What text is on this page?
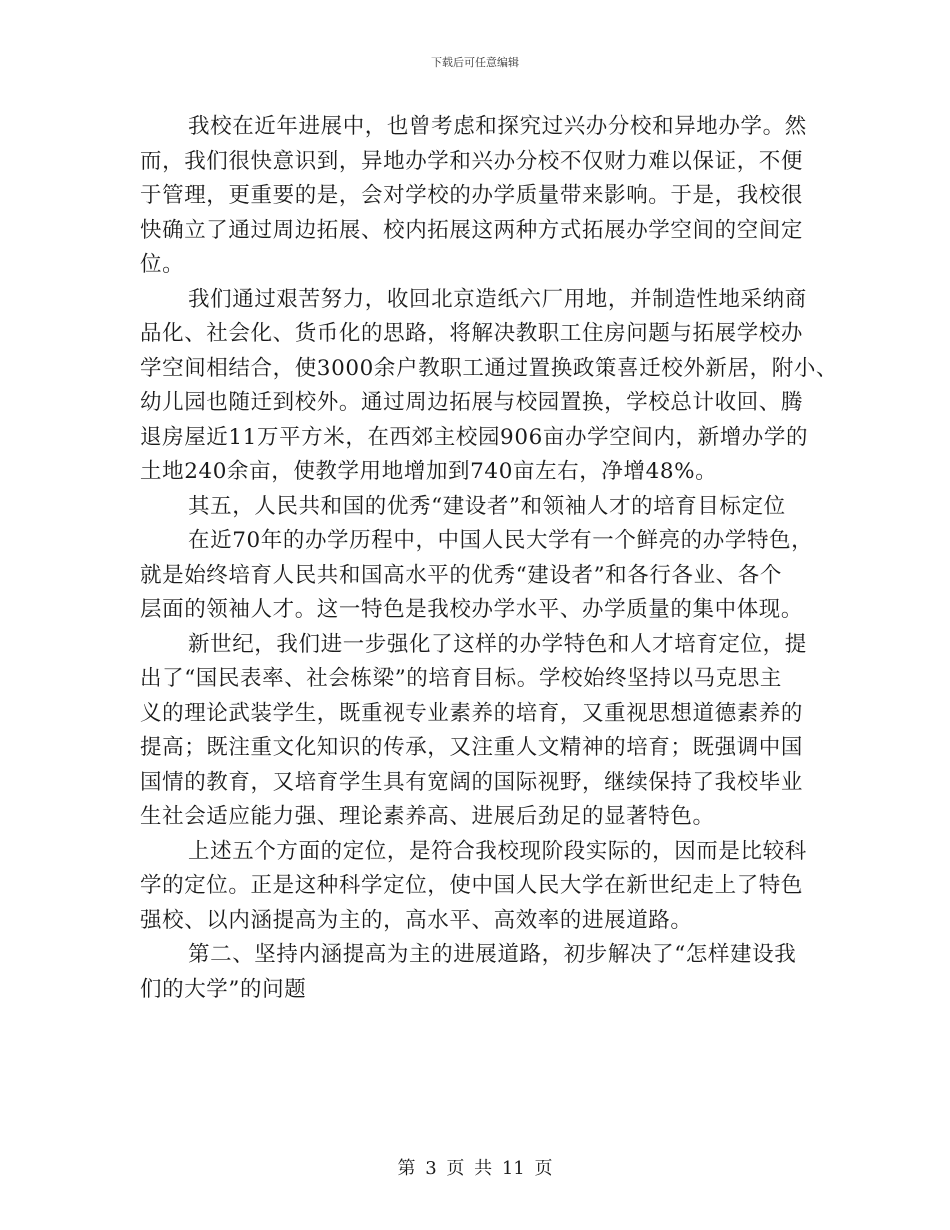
下载后可任意编辑
我校在近年进展中，也曾考虑和探究过兴办分校和异地办学。然
而，我们很快意识到，异地办学和兴办分校不仅财力难以保证，不便
于管理，更重要的是，会对学校的办学质量带来影响。于是，我校很
快确立了通过周边拓展、校内拓展这两种方式拓展办学空间的空间定
位。
我们通过艰苦努力，收回北京造纸六厂用地，并制造性地采纳商
品化、社会化、货币化的思路，将解决教职工住房问题与拓展学校办
学空间相结合，使3000余户教职工通过置换政策喜迁校外新居，附小、
幼儿园也随迁到校外。通过周边拓展与校园置换，学校总计收回、腾
退房屋近11万平方米，在西郊主校园906亩办学空间内，新增办学的
土地240余亩，使教学用地增加到740亩左右，净增48%。
其五，人民共和国的优秀“建设者”和领袖人才的培育目标定位
在近70年的办学历程中，中国人民大学有一个鲜亮的办学特色，
就是始终培育人民共和国高水平的优秀“建设者”和各行各业、各个
层面的领袖人才。这一特色是我校办学水平、办学质量的集中体现。
新世纪，我们进一步强化了这样的办学特色和人才培育定位，提
出了“国民表率、社会栋梁”的培育目标。学校始终坚持以马克思主
义的理论武装学生，既重视专业素养的培育，又重视思想道德素养的
提高；既注重文化知识的传承，又注重人文精神的培育；既强调中国
国情的教育，又培育学生具有宽阔的国际视野，继续保持了我校毕业
生社会适应能力强、理论素养高、进展后劲足的显著特色。
上述五个方面的定位，是符合我校现阶段实际的，因而是比较科
学的定位。正是这种科学定位，使中国人民大学在新世纪走上了特色
强校、以内涵提高为主的，高水平、高效率的进展道路。
第二、坚持内涵提高为主的进展道路，初步解决了“怎样建设我
们的大学”的问题
第 3 页 共 11 页
